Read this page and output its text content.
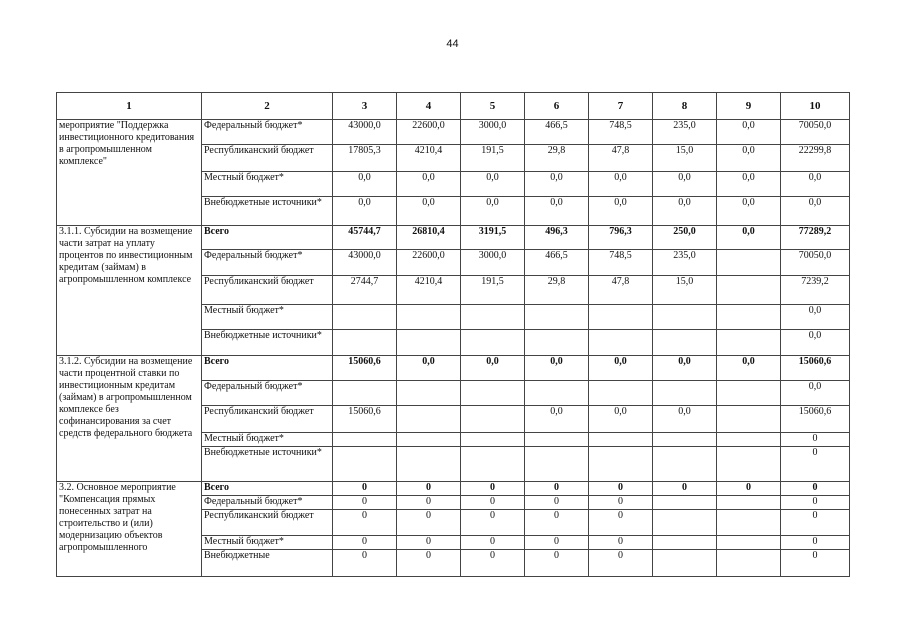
44
1	2	3	4	5	6	7	8	9	10
мероприятие "Поддержка инвестиционного кредитования в агропромышленном комплексе"	Федеральный бюджет*	43000,0	22600,0	3000,0	466,5	748,5	235,0	0,0	70050,0
	Республиканский бюджет	17805,3	4210,4	191,5	29,8	47,8	15,0	0,0	22299,8
	Местный бюджет*	0,0	0,0	0,0	0,0	0,0	0,0	0,0	0,0
	Внебюджетные источники*	0,0	0,0	0,0	0,0	0,0	0,0	0,0	0,0
3.1.1. Субсидии на возмещение части затрат на уплату процентов по инвестиционным кредитам (займам) в агропромышленном комплексе	Всего	45744,7	26810,4	3191,5	496,3	796,3	250,0	0,0	77289,2
	Федеральный бюджет*	43000,0	22600,0	3000,0	466,5	748,5	235,0		70050,0
	Республиканский бюджет	2744,7	4210,4	191,5	29,8	47,8	15,0		7239,2
	Местный бюджет*								0,0
	Внебюджетные источники*								0,0
3.1.2. Субсидии на возмещение части процентной ставки по инвестиционным кредитам (займам) в агропромышленном комплексе без софинансирования за счет средств федерального бюджета	Всего	15060,6	0,0	0,0	0,0	0,0	0,0	0,0	15060,6
	Федеральный бюджет*								0,0
	Республиканский бюджет	15060,6			0,0	0,0	0,0		15060,6
	Местный бюджет*								0
	Внебюджетные источники*								0
3.2. Основное мероприятие "Компенсация прямых понесенных затрат на строительство и (или) модернизацию объектов агропромышленного	Всего	0	0	0	0	0	0	0	0
	Федеральный бюджет*	0	0	0	0	0			0
	Республиканский бюджет	0	0	0	0	0			0
	Местный бюджет*	0	0	0	0	0			0
	Внебюджетные	0	0	0	0	0			0
